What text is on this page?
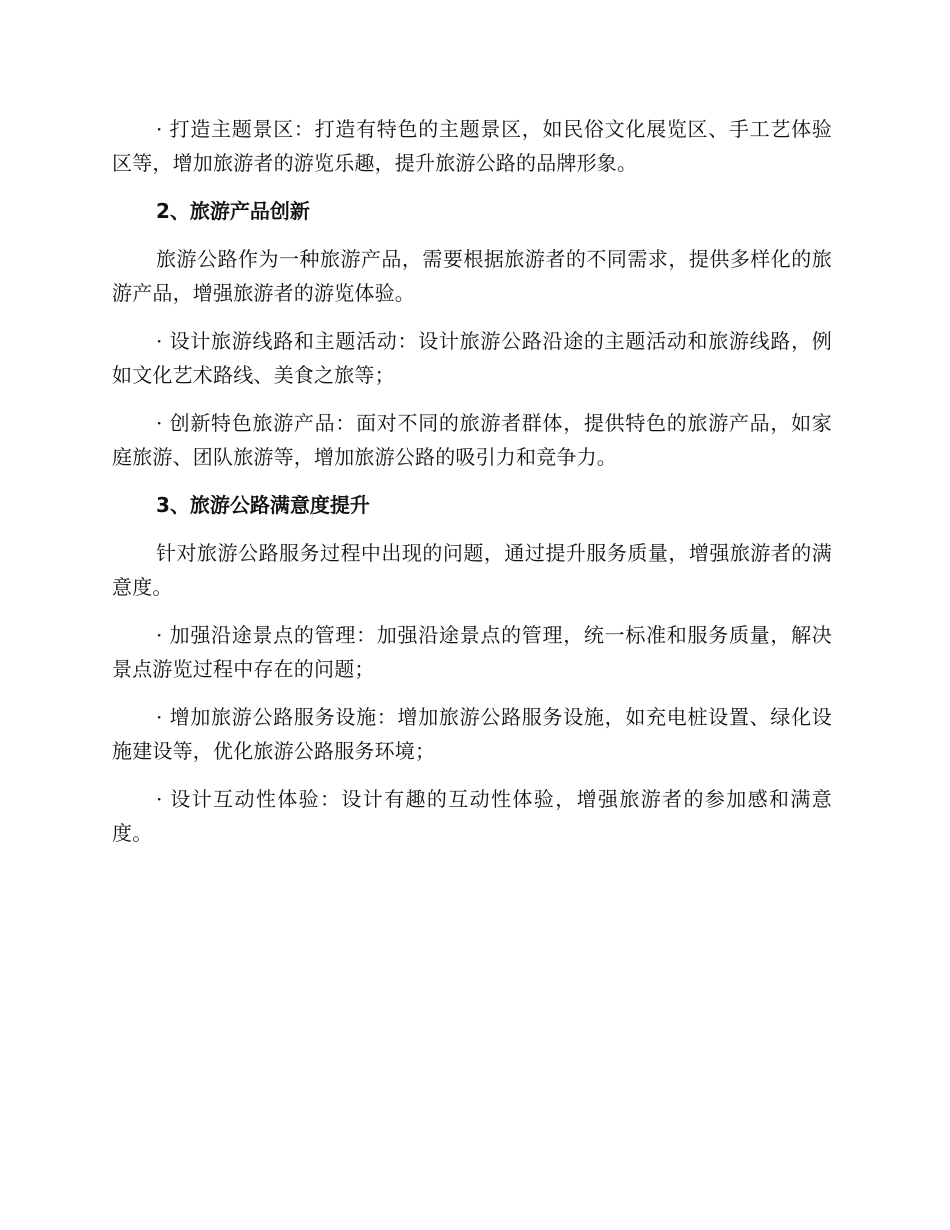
· 打造主题景区：打造有特色的主题景区，如民俗文化展览区、手工艺体验区等，增加旅游者的游览乐趣，提升旅游公路的品牌形象。

2、旅游产品创新

旅游公路作为一种旅游产品，需要根据旅游者的不同需求，提供多样化的旅游产品，增强旅游者的游览体验。

· 设计旅游线路和主题活动：设计旅游公路沿途的主题活动和旅游线路，例如文化艺术路线、美食之旅等；

· 创新特色旅游产品：面对不同的旅游者群体，提供特色的旅游产品，如家庭旅游、团队旅游等，增加旅游公路的吸引力和竞争力。

3、旅游公路满意度提升

针对旅游公路服务过程中出现的问题，通过提升服务质量，增强旅游者的满意度。

· 加强沿途景点的管理：加强沿途景点的管理，统一标准和服务质量，解决景点游览过程中存在的问题；

· 增加旅游公路服务设施：增加旅游公路服务设施，如充电桩设置、绿化设施建设等，优化旅游公路服务环境；

· 设计互动性体验：设计有趣的互动性体验，增强旅游者的参加感和满意度。
